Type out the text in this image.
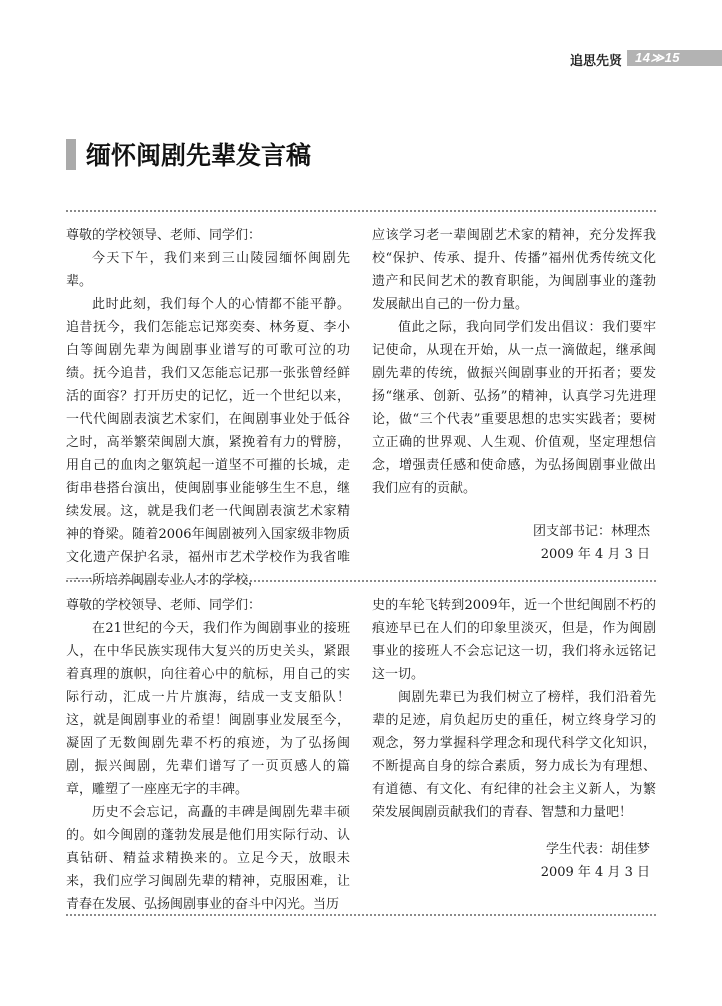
追思先贤 14≫15
缅怀闽剧先辈发言稿

尊敬的学校领导、老师、同学们：

今天下午，我们来到三山陵园缅怀闽剧先辈。

此时此刻，我们每个人的心情都不能平静。追昔抚今，我们怎能忘记郑奕奏、林务夏、李小白等闽剧先辈为闽剧事业谱写的可歌可泣的功绩。抚今追昔，我们又怎能忘记那一张张曾经鲜活的面容？打开历史的记忆，近一个世纪以来，一代代闽剧表演艺术家们，在闽剧事业处于低谷之时，高举繁荣闽剧大旗，紧挽着有力的臂膀，用自己的血肉之躯筑起一道坚不可摧的长城，走街串巷搭台演出，使闽剧事业能够生生不息，继续发展。这，就是我们老一代闽剧表演艺术家精神的脊梁。随着2006年闽剧被列入国家级非物质文化遗产保护名录，福州市艺术学校作为我省唯一一所培养闽剧专业人才的学校，

应该学习老一辈闽剧艺术家的精神，充分发挥我校“保护、传承、提升、传播”福州优秀传统文化遗产和民间艺术的教育职能，为闽剧事业的蓬勃发展献出自己的一份力量。

值此之际，我向同学们发出倡议：我们要牢记使命，从现在开始，从一点一滴做起，继承闽剧先辈的传统，做振兴闽剧事业的开拓者；要发扬“继承、创新、弘扬”的精神，认真学习先进理论，做“三个代表”重要思想的忠实实践者；要树立正确的世界观、人生观、价值观，坚定理想信念，增强责任感和使命感，为弘扬闽剧事业做出我们应有的贡献。

团支部书记：林理杰

2009 年 4 月 3 日

尊敬的学校领导、老师、同学们：

在21世纪的今天，我们作为闽剧事业的接班人，在中华民族实现伟大复兴的历史关头，紧跟着真理的旗帜，向往着心中的航标，用自己的实际行动，汇成一片片旗海，结成一支支船队！这，就是闽剧事业的希望！闽剧事业发展至今，凝固了无数闽剧先辈不朽的痕迹，为了弘扬闽剧，振兴闽剧，先辈们谱写了一页页感人的篇章，雕塑了一座座无字的丰碑。

历史不会忘记，高矗的丰碑是闽剧先辈丰硕的。如今闽剧的蓬勃发展是他们用实际行动、认真钻研、精益求精换来的。立足今天，放眼未来，我们应学习闽剧先辈的精神，克服困难，让青春在发展、弘扬闽剧事业的奋斗中闪光。当历

史的车轮飞转到2009年，近一个世纪闽剧不朽的痕迹早已在人们的印象里淡灭，但是，作为闽剧事业的接班人不会忘记这一切，我们将永远铭记这一切。

闽剧先辈已为我们树立了榜样，我们沿着先辈的足迹，肩负起历史的重任，树立终身学习的观念，努力掌握科学理念和现代科学文化知识，不断提高自身的综合素质，努力成长为有理想、有道德、有文化、有纪律的社会主义新人，为繁荣发展闽剧贡献我们的青春、智慧和力量吧！

学生代表：胡佳梦

2009 年 4 月 3 日
